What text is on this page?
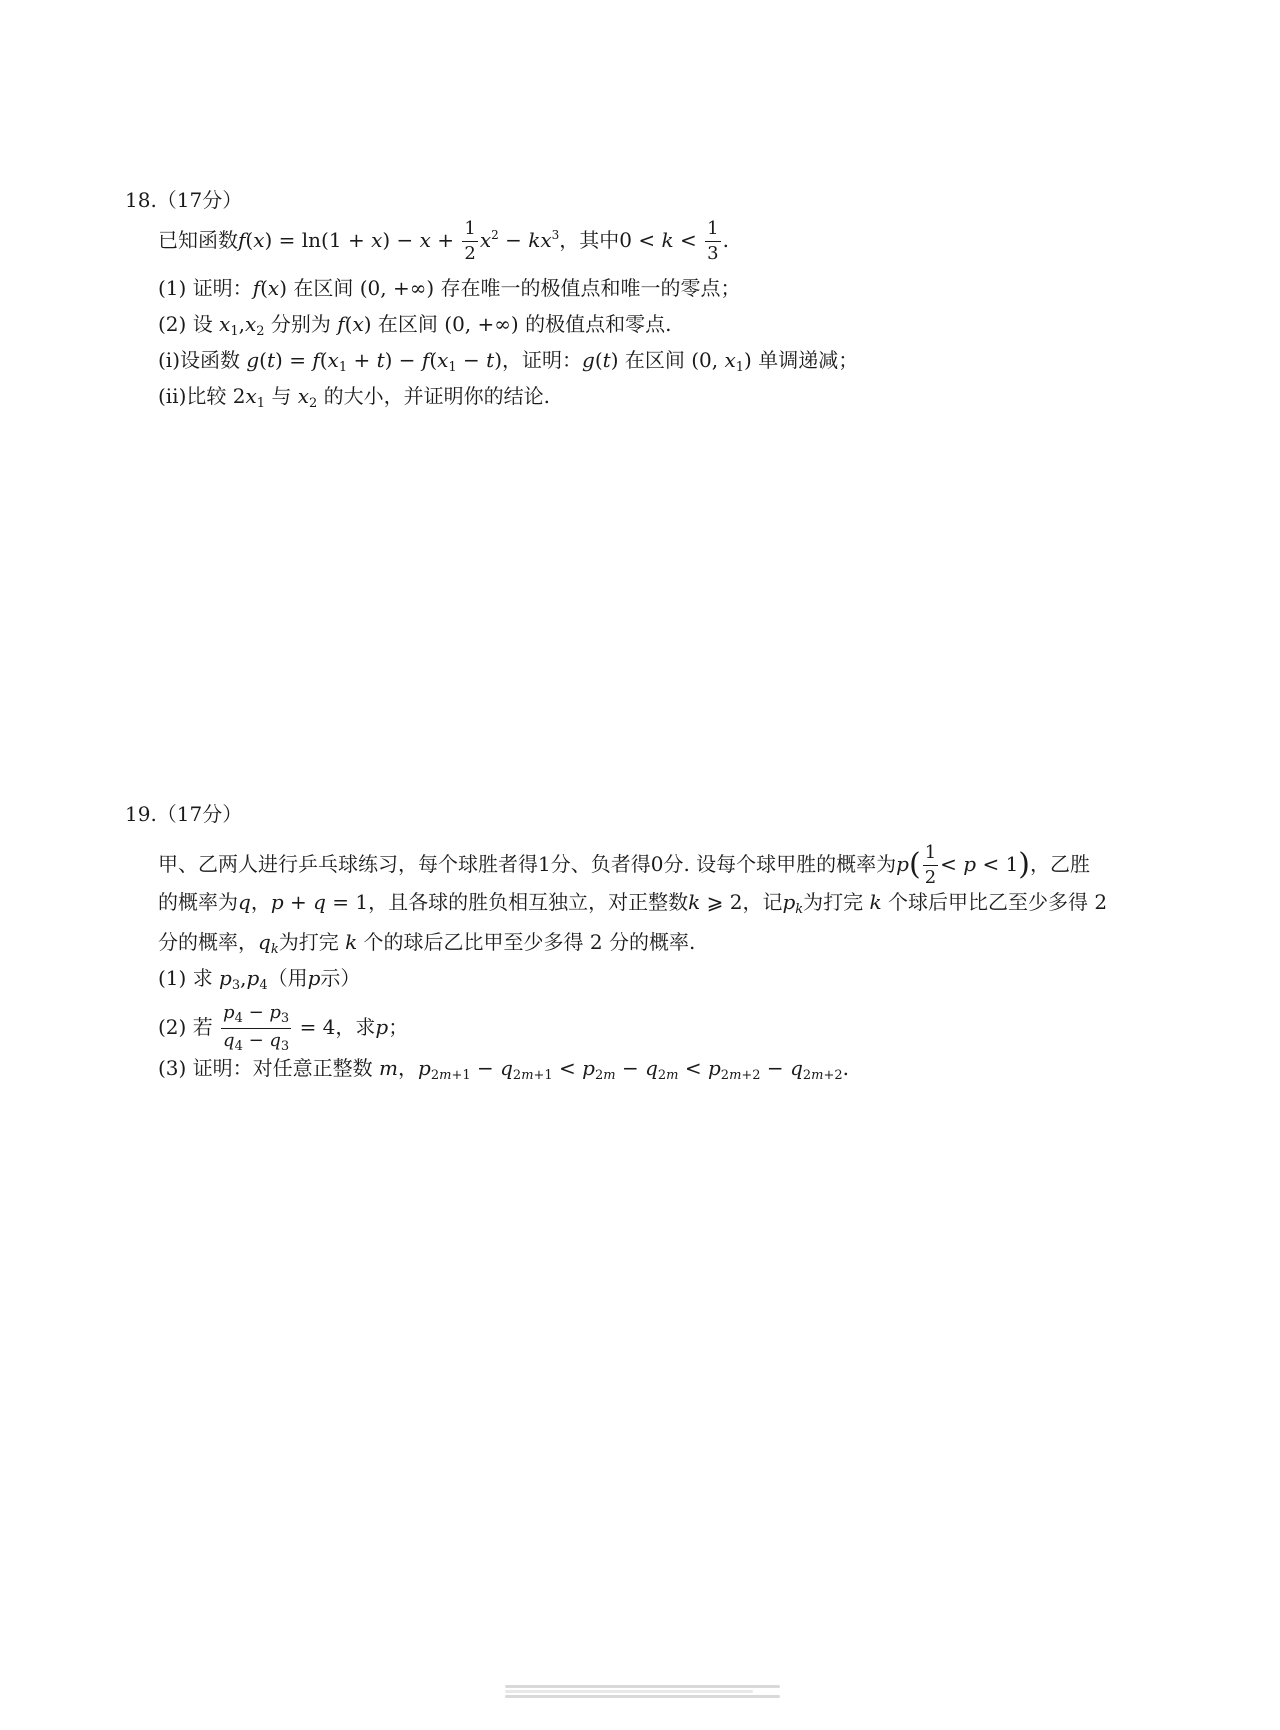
18.（17分）
已知函数$f(x) = \ln(1 + x) - x + \frac{1}{2} x^2 - kx^3$，其中$0 < k < \frac{1}{3}$ .
(1) 证明：f(x) 在区间 (0, +∞) 存在唯一的极值点和唯一的零点；
(2) 设 $x_1,x_2$ 分别为 f(x) 在区间 (0, +∞) 的极值点和零点.
(ⅰ)设函数 $g(t) = f(x_1 + t) - f(x_1 - t)$，证明：g(t) 在区间 (0, $x_1$) 单调递减；
(ⅱ)比较 $2x_1$ 与 $x_2$ 的大小，并证明你的结论.
19.（17分）
甲、乙两人进行乒乓球练习，每个球胜者得1分、负者得0分. 设每个球甲胜的概率为$p( \frac{1}{2} < p < 1)$，乙胜
的概率为q，p + q = 1，且各球的胜负相互独立，对正整数k ⩾ 2，记$p_k$为打完 k 个球后甲比乙至少多得 2
分的概率，$q_k$为打完 k 个的球后乙比甲至少多得 2 分的概率.
(1) 求 $p_3,p_4$（用p示）
(2) 若 $\frac{p_4 - p_3}{q_4 - q_3} = 4$，求p；
(3) 证明：对任意正整数 m，$p_{2m+1} - q_{2m+1} < p_{2m} - q_{2m} < p_{2m+2} - q_{2m+2}$.
